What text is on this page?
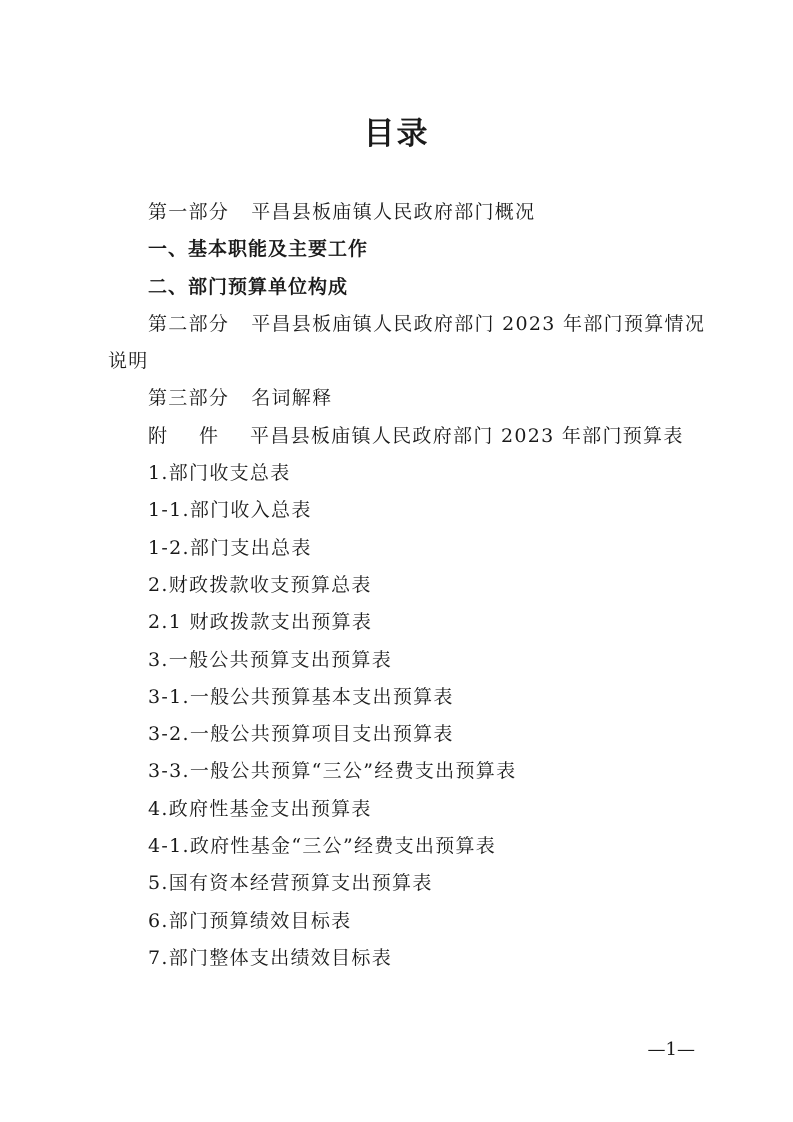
目录
第一部分 平昌县板庙镇人民政府部门概况
一、基本职能及主要工作
二、部门预算单位构成
第二部分 平昌县板庙镇人民政府部门 2023 年部门预算情况说明
第三部分 名词解释
附件平昌县板庙镇人民政府部门 2023 年部门预算表
1.部门收支总表
1-1.部门收入总表
1-2.部门支出总表
2.财政拨款收支预算总表
2.1 财政拨款支出预算表
3.一般公共预算支出预算表
3-1.一般公共预算基本支出预算表
3-2.一般公共预算项目支出预算表
3-3.一般公共预算“三公”经费支出预算表
4.政府性基金支出预算表
4-1.政府性基金“三公”经费支出预算表
5.国有资本经营预算支出预算表
6.部门预算绩效目标表
7.部门整体支出绩效目标表
—1—
